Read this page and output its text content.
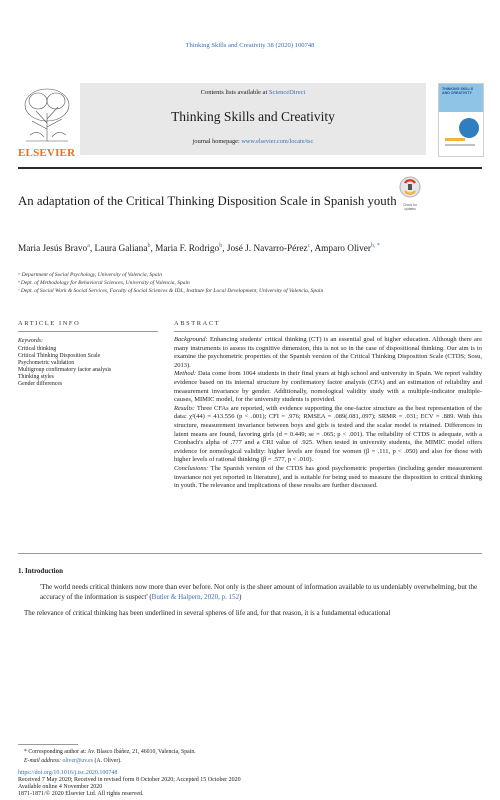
Thinking Skills and Creativity 38 (2020) 100748
ELSEVIER
Contents lists available at ScienceDirect
Thinking Skills and Creativity
journal homepage: www.elsevier.com/locate/tsc
THINKING SKILLS AND CREATIVITY
An adaptation of the Critical Thinking Disposition Scale in Spanish youth	Check for updates
Maria Jesús Bravo$^a$, Laura Galiana$^b$, Maria F. Rodrigo$^b$, José J. Navarro-Pérez$^c$, Amparo Oliver$^{b, *}$
ᵃ Department of Social Psychology, University of Valencia, Spain
ᵇ Dept. of Methodology for Behavioral Sciences, University of Valencia, Spain
ᶜ Dept. of Social Work & Social Services, Faculty of Social Sciences & IDL, Institute for Local Development, University of Valencia, Spain
ARTICLE INFO	ABSTRACT
Keywords:
Critical thinking
Critical Thinking Disposition Scale
Psychometric validation
Multigroup confirmatory factor analysis
Thinking styles
Gender differences
Background: Enhancing students' critical thinking (CT) is an essential goal of higher education. Although there are many instruments to assess its cognitive dimension, this is not so in the case of dispositional thinking. Our aim is to examine the psychometric properties of the Spanish version of the Critical Thinking Disposition Scale (CTDS; Sosu, 2013).
Method: Data come from 1064 students in their final years at high school and university in Spain. We report validity evidence based on its internal structure by confirmatory factor analysis (CFA) and an estimation of reliability and measurement invariance by gender. Additionally, nomological validity study with a multiple-indicator multiple-causes, MIMIC model, for the university students is provided.
Results: Three CFAs are reported, with evidence supporting the one-factor structure as the best representation of the data: χ²(44) = 413.556 (p < .001); CFI = .976; RMSEA = .089(.081,.097); SRMR = .031; ECV = .889. With this structure, measurement invariance between boys and girls is tested and the scalar model is retained. Differences in latent means are found, favoring girls (d = 0.449; se = .065; p < .001). The reliability of CTDS is adequate, with a Cronbach's alpha of .777 and a CRI value of .925. When tested in university students, the MIMIC model offers evidence for nomological validity: higher levels are found for women (β = .111, p < .050) and also for those with higher levels of rational thinking (β = .577, p < .010).
Conclusions: The Spanish version of the CTDS has good psychometric properties (including gender measurement invariance not yet reported in literature), and is suitable for being used to measure the disposition to critical thinking in youth. The relevance and implications of these results are further discussed.
1. Introduction
'The world needs critical thinkers now more than ever before. Not only is the sheer amount of information available to us undeniably overwhelming, but the accuracy of the information is suspect' (Butler & Halpern, 2020, p. 152)
The relevance of critical thinking has been underlined in several spheres of life and, for that reason, it is a fundamental educational
* Corresponding author at: Av. Blasco Ibáñez, 21, 46010, Valencia, Spain.
E-mail address: oliver@uv.es (A. Oliver).
https://doi.org/10.1016/j.tsc.2020.100748
Received 7 May 2020; Received in revised form 8 October 2020; Accepted 15 October 2020
Available online 4 November 2020
1871-1871/© 2020 Elsevier Ltd. All rights reserved.
